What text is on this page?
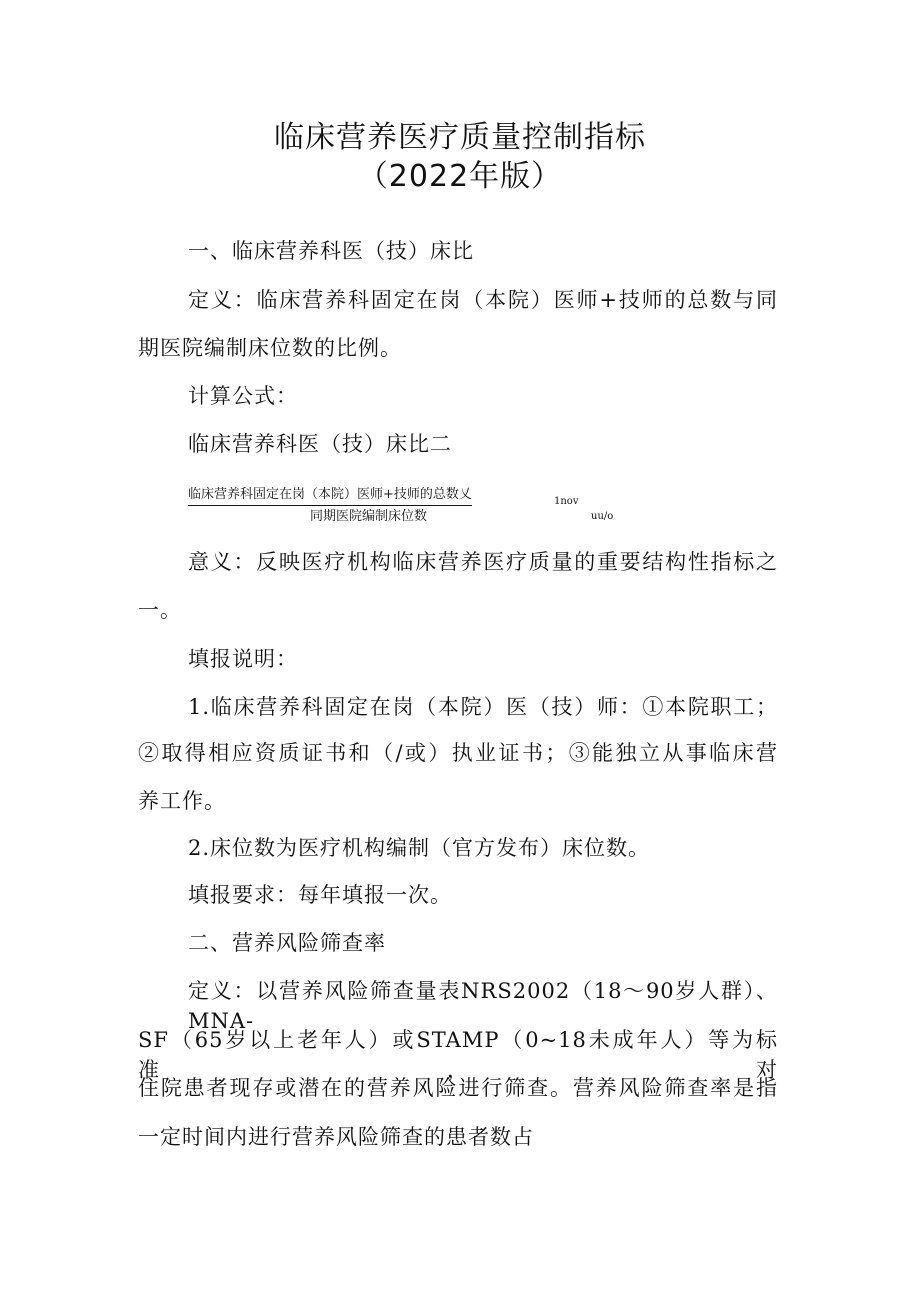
临床营养医疗质量控制指标
（2022年版）
一、临床营养科医（技）床比
定义：临床营养科固定在岗（本院）医师+技师的总数与同
期医院编制床位数的比例。
计算公式：
临床营养科医（技）床比二
临床营养科固定在岗（本院）医师+技师的总数乂
同期医院编制床位数
1nov
uu/o
意义：反映医疗机构临床营养医疗质量的重要结构性指标之
一。
填报说明：
1.临床营养科固定在岗（本院）医（技）师：①本院职工；
②取得相应资质证书和（/或）执业证书；③能独立从事临床营
养工作。
2.床位数为医疗机构编制（官方发布）床位数。
填报要求：每年填报一次。
二、营养风险筛查率
定义：以营养风险筛查量表NRS2002（18～90岁人群）、MNA-
SF（65岁以上老年人）或STAMP（0~18未成年人）等为标准，对
住院患者现存或潜在的营养风险进行筛查。营养风险筛查率是指
一定时间内进行营养风险筛查的患者数占
